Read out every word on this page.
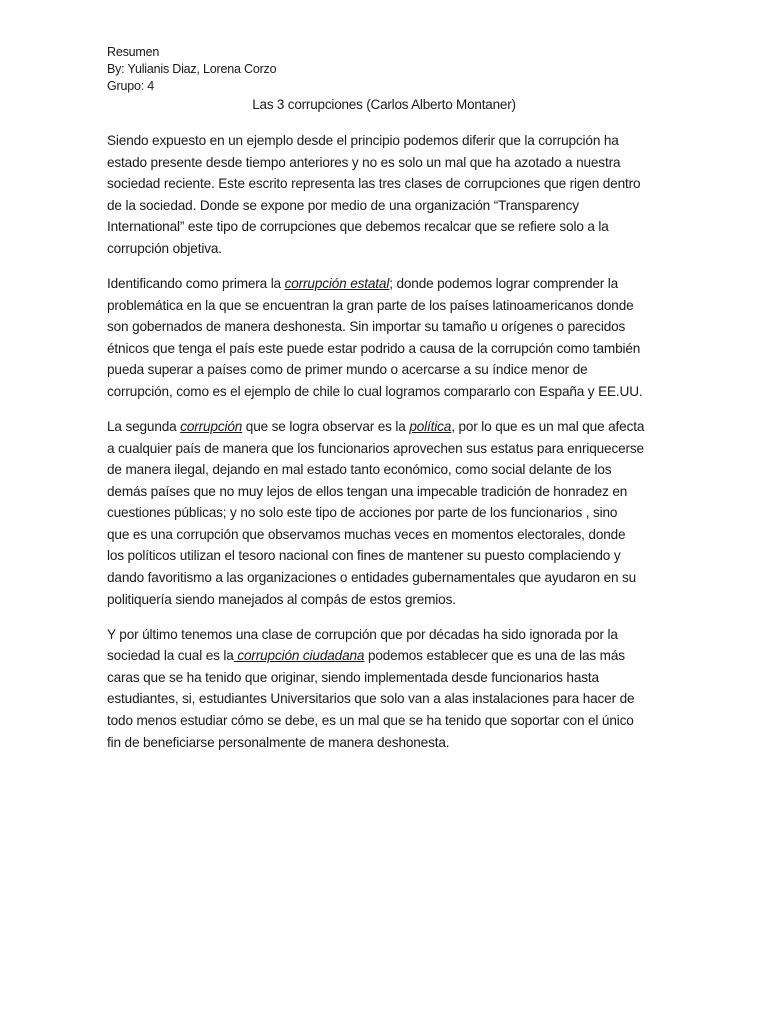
Resumen
By: Yulianis Diaz, Lorena Corzo
Grupo: 4
Las 3 corrupciones (Carlos Alberto Montaner)

Siendo expuesto en un ejemplo desde el principio podemos diferir que la corrupción ha
estado presente desde tiempo anteriores y no es solo un mal que ha azotado a nuestra
sociedad reciente. Este escrito representa las tres clases de corrupciones que rigen dentro
de la sociedad. Donde se expone por medio de una organización “Transparency
International” este tipo de corrupciones que debemos recalcar que se refiere solo a la
corrupción objetiva.

Identificando como primera la corrupción estatal; donde podemos lograr comprender la
problemática en la que se encuentran la gran parte de los países latinoamericanos donde
son gobernados de manera deshonesta. Sin importar su tamaño u orígenes o parecidos
étnicos que tenga el país este puede estar podrido a causa de la corrupción como también
pueda superar a países como de primer mundo o acercarse a su índice menor de
corrupción, como es el ejemplo de chile lo cual logramos compararlo con España y EE.UU.

La segunda corrupción que se logra observar es la política, por lo que es un mal que afecta
a cualquier país de manera que los funcionarios aprovechen sus estatus para enriquecerse
de manera ilegal, dejando en mal estado tanto económico, como social delante de los
demás países que no muy lejos de ellos tengan una impecable tradición de honradez en
cuestiones públicas; y no solo este tipo de acciones por parte de los funcionarios , sino
que es una corrupción que observamos muchas veces en momentos electorales, donde
los políticos utilizan el tesoro nacional con fines de mantener su puesto complaciendo y
dando favoritismo a las organizaciones o entidades gubernamentales que ayudaron en su
politiquería siendo manejados al compás de estos gremios.

Y por último tenemos una clase de corrupción que por décadas ha sido ignorada por la
sociedad la cual es la corrupción ciudadana podemos establecer que es una de las más
caras que se ha tenido que originar, siendo implementada desde funcionarios hasta
estudiantes, si, estudiantes Universitarios que solo van a alas instalaciones para hacer de
todo menos estudiar cómo se debe, es un mal que se ha tenido que soportar con el único
fin de beneficiarse personalmente de manera deshonesta.
